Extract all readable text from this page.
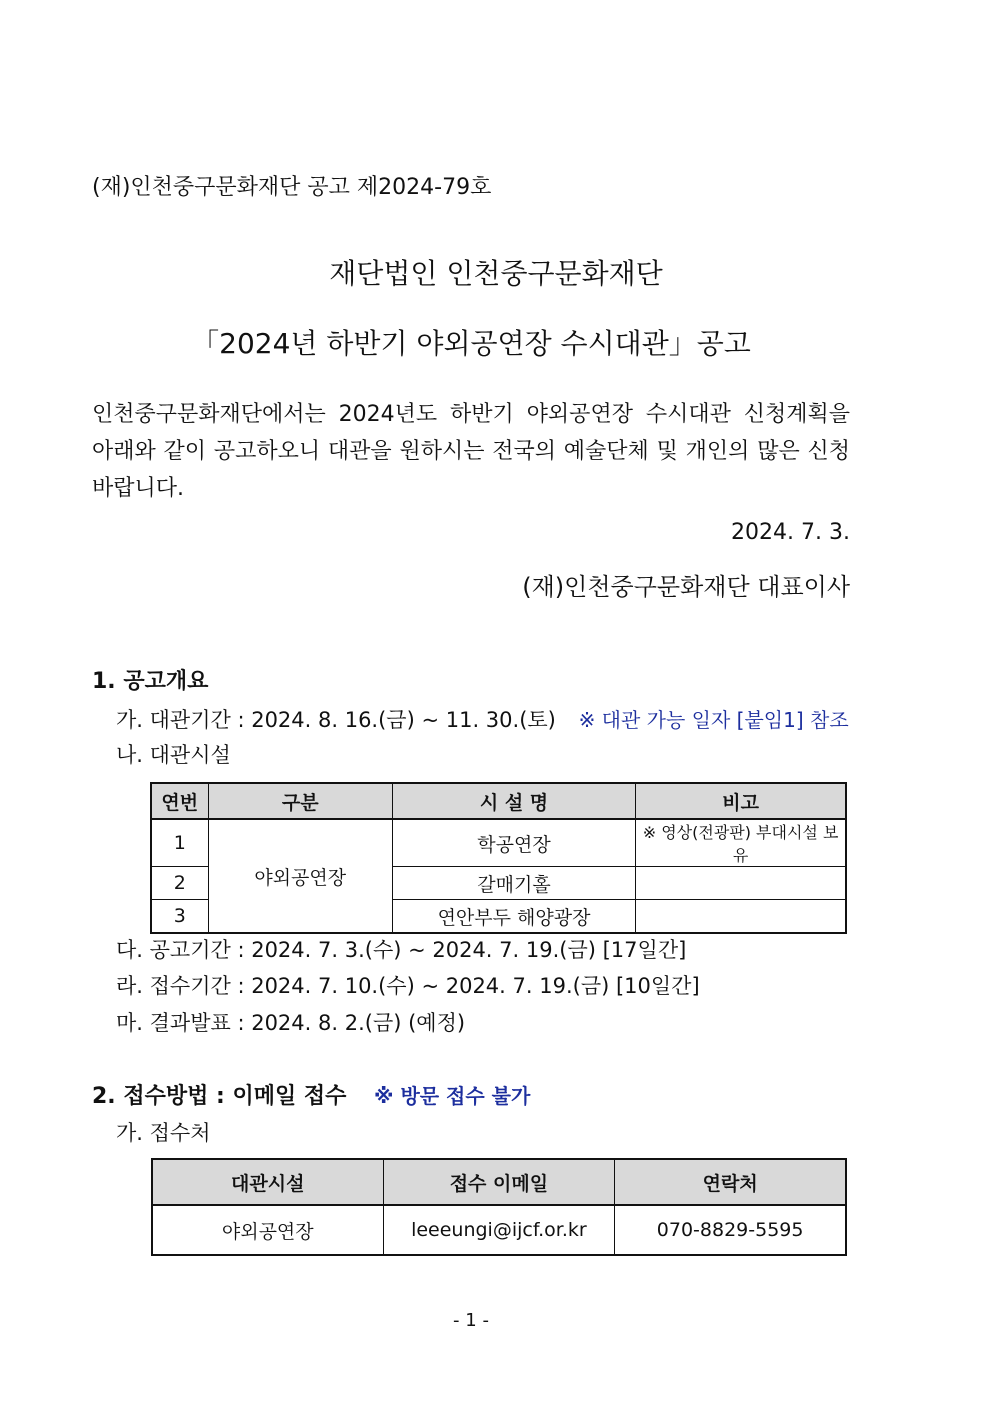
(재)인천중구문화재단 공고 제2024-79호
재단법인 인천중구문화재단
「2024년 하반기 야외공연장 수시대관」공고
인천중구문화재단에서는 2024년도 하반기 야외공연장 수시대관 신청계획을
아래와 같이 공고하오니 대관을 원하시는 전국의 예술단체 및 개인의 많은 신청
바랍니다.
2024. 7. 3.
(재)인천중구문화재단 대표이사
1. 공고개요
가. 대관기간 : 2024. 8. 16.(금) ~ 11. 30.(토) ※ 대관 가능 일자 [붙임1] 참조
나. 대관시설
연번	구분	시 설 명	비고
1	야외공연장	학공연장	※ 영상(전광판) 부대시설 보유
2		갈매기홀	
3		연안부두 해양광장	
다. 공고기간 : 2024. 7. 3.(수) ~ 2024. 7. 19.(금) [17일간]
라. 접수기간 : 2024. 7. 10.(수) ~ 2024. 7. 19.(금) [10일간]
마. 결과발표 : 2024. 8. 2.(금) (예정)
2. 접수방법 : 이메일 접수 ※ 방문 접수 불가
가. 접수처
대관시설	접수 이메일	연락처
야외공연장	leeeungi@ijcf.or.kr	070-8829-5595
- 1 -
